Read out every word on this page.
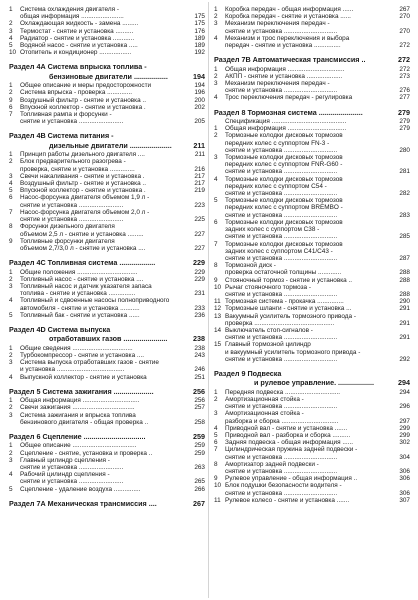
1	Система охлаждения двигателя -
общая информация ........................	175
2	Охлаждающая жидкость - замена .........	175
3	Термостат - снятие и установка ..........	176
4	Радиатор - снятие и установка ............	189
5	Водяной насос - снятие и установка .....	189
10 Отопитель и кондиционер ..................	192
Раздел 4А Система впрыска топлива -
бензиновые двигатели .................	194
1	Общее описание и меры предосторожности	194
2	Система впрыска - проверка ..............	196
9	Воздушный фильтр - снятие и установка ..	200
6	Впускной коллектор - снятие и установка .	202
7	Топливная рампа и форсунки -
снятие и установка .........................	205
Раздел 4В Система питания -
дизельные двигатели .....................	211
1	Принцип работы дизельного двигателя ....	211
2	Блок предварительного разогрева -
проверка, снятие и установка ..............	216
3	Свечи накаливания - снятие и установка .	217
4	Воздушный фильтр - снятие и установка ..	217
5	Впускной коллектор - снятие и установка .	219
6	Насос-форсунка двигателя объемом 1,9 л -
снятие и установка .........................	223
7	Насос-форсунка двигателя объемом 2,0 л -
снятие и установка .........................	225
8	Форсунки дизельного двигателя
объемом 2,5 л - снятие и установка .........	227
9	Топливные форсунки двигателя
объемом 2,7/3,0 л - снятие и установка ....	227
Раздел 4С Топливная система ..................	229
1	Общие положения ..................................	229
2	Топливный насос - снятие и установка ....	229
3	Топливный насос и датчик указателя запаса
топлива - снятие и установка ...............	231
4	Топливный и сдвоенные насосы полноприводного
автомобиля - снятие и установка ...........	233
5	Топливный бак - снятие и установка ......	236
Раздел 4D Система выпуска
отработавших газов ......................	238
1	Общие сведения ..................................	238
2	Турбокомпрессор - снятие и установка ....	243
3	Система выпуска отработавших газов - снятие
и установка ......................................	246
4	Выпускной коллектор - снятие и установка	251
Раздел 5 Система зажигания ....................	256
1	Общая информация ................................	256
2	Свечи зажигания ...................................	257
3	Система зажигания и впрыска топлива
бензинового двигателя - общая проверка ..	258
Раздел 6 Сцепление ...............................	259
1	Общее описание ....................................	259
2	Сцепление - снятие, установка и проверка ..	259
3	Главный цилиндр сцепления -
снятие и установка .........................	263
4	Рабочий цилиндр сцепления -
снятие и установка .........................	265
5	Сцепление - удаление воздуха ...............	266
Раздел 7А Механическая трансмиссия ....	267
1	Коробка передач - общая информация ......	267
2	Коробка передач - снятие и установка ......	270
3	Механизм переключения передач -
снятие и установка ..............................	270
4	Механизм и трос переключения и выбора
передач - снятие и установка ...............	272
Раздел 7В Автоматическая трансмиссия ..	272
1	Общая информация ................................	272
2	АКПП - снятие и установка ....................	273
3	Механизм переключения передач -
снятие и установка ..............................	276
4	Трос переключения передач - регулировка	277
Раздел 8 Тормозная система ......................	279
Спецификация ..........................................	279
1	Общая информация .................................	279
2	Тормозные колодки дисковых тормозов
передних колес с суппортом FN-3 -
снятие и установка ..............................	280
3	Тормозные колодки дисковых тормозов
передних колес с суппортом FNR-G60 -
снятие и установка ..............................	281
4	Тормозные колодки дисковых тормозов
передних колес с суппортом C54 -
снятие и установка ..............................	282
5	Тормозные колодки дисковых тормозов
передних колес с суппортом BREMBO -
снятие и установка ..............................	283
6	Тормозные колодки дисковых тормозов
задних колес с суппортом C38 -
снятие и установка ..............................	285
7	Тормозные колодки дисковых тормозов
задних колес с суппортом C41/C43 -
снятие и установка ..............................	287
8	Тормозной диск -
проверка остаточной толщины .............	288
9	Стояночный тормоз - снятие и установка ..	288
10 Рычаг стояночного тормоза -
снятие и установка ..............................	288
11 Тормозная система - прокачка ...............	290
12 Тормозные шланги - снятие и установка ...	291
13 Вакуумный усилитель тормозного привода -
проверка .............................................	291
14 Выключатель стоп-сигналов -
снятие и установка ..............................	291
15 Главный тормозной цилиндр
и вакуумный усилитель тормозного привода -
снятие и установка ..............................	292
Раздел 9 Подвеска
и рулевое управление. ..................	294
1	Передняя подвеска ...............................	294
2	Амортизационная стойка -
снятие и установка ..............................	296
3	Амортизационная стойка -
разборка и сборка ................................	297
4	Приводной вал - снятие и установка .......	299
5	Приводной вал - разборка и сборка ..........	299
6	Задняя подвеска - общая информация ......	302
7	Цилиндрическая пружина задней подвески -
снятие и установка ..............................	304
8	Амортизатор задней подвески -
снятие и установка ..............................	306
9	Рулевое управление - общая информация ..	306
10 Блок подушки безопасности водителя -
снятие и установка ..............................	306
11 Рулевое колесо - снятие и установка .......	307
